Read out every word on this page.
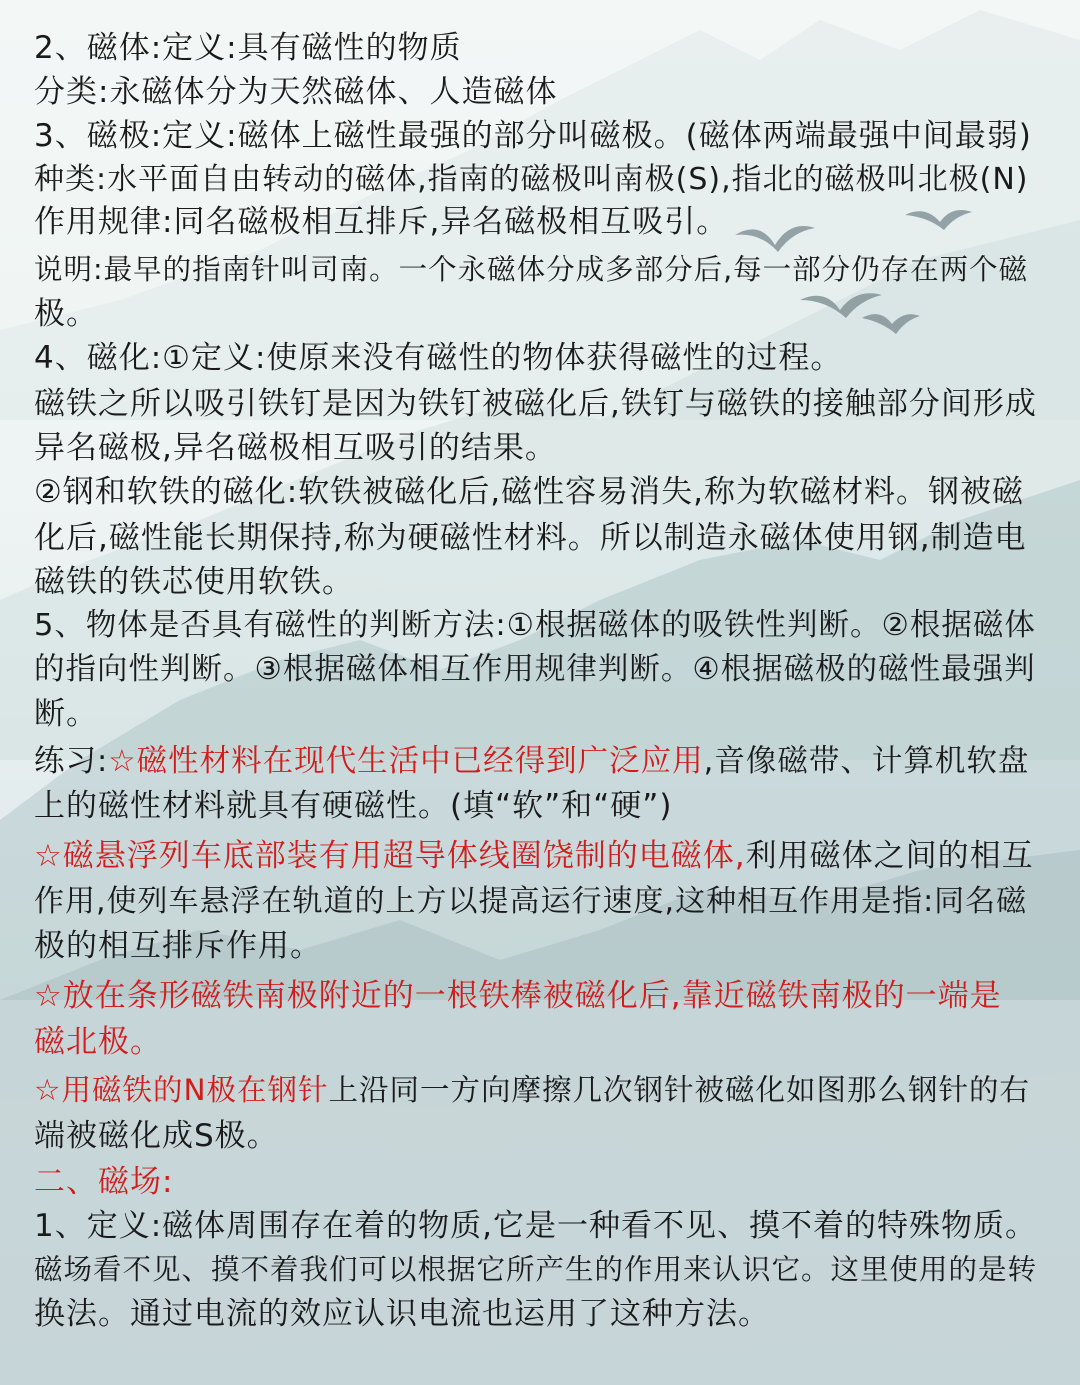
2、磁体:定义:具有磁性的物质
分类:永磁体分为天然磁体、人造磁体
3、磁极:定义:磁体上磁性最强的部分叫磁极。(磁体两端最强中间最弱)
种类:水平面自由转动的磁体,指南的磁极叫南极(S),指北的磁极叫北极(N)
作用规律:同名磁极相互排斥,异名磁极相互吸引。
说明:最早的指南针叫司南。一个永磁体分成多部分后,每一部分仍存在两个磁
极。
4、磁化:①定义:使原来没有磁性的物体获得磁性的过程。
磁铁之所以吸引铁钉是因为铁钉被磁化后,铁钉与磁铁的接触部分间形成
异名磁极,异名磁极相互吸引的结果。
②钢和软铁的磁化:软铁被磁化后,磁性容易消失,称为软磁材料。钢被磁
化后,磁性能长期保持,称为硬磁性材料。所以制造永磁体使用钢,制造电
磁铁的铁芯使用软铁。
5、物体是否具有磁性的判断方法:①根据磁体的吸铁性判断。②根据磁体
的指向性判断。③根据磁体相互作用规律判断。④根据磁极的磁性最强判
断。
练习:☆磁性材料在现代生活中已经得到广泛应用,音像磁带、计算机软盘
上的磁性材料就具有硬磁性。(填“软”和“硬”)
☆磁悬浮列车底部装有用超导体线圈饶制的电磁体,利用磁体之间的相互
作用,使列车悬浮在轨道的上方以提高运行速度,这种相互作用是指:同名磁
极的相互排斥作用。
☆放在条形磁铁南极附近的一根铁棒被磁化后,靠近磁铁南极的一端是
磁北极。
☆用磁铁的N极在钢针上沿同一方向摩擦几次钢针被磁化如图那么钢针的右
端被磁化成S极。
二、磁场:
1、定义:磁体周围存在着的物质,它是一种看不见、摸不着的特殊物质。
磁场看不见、摸不着我们可以根据它所产生的作用来认识它。这里使用的是转
换法。通过电流的效应认识电流也运用了这种方法。
